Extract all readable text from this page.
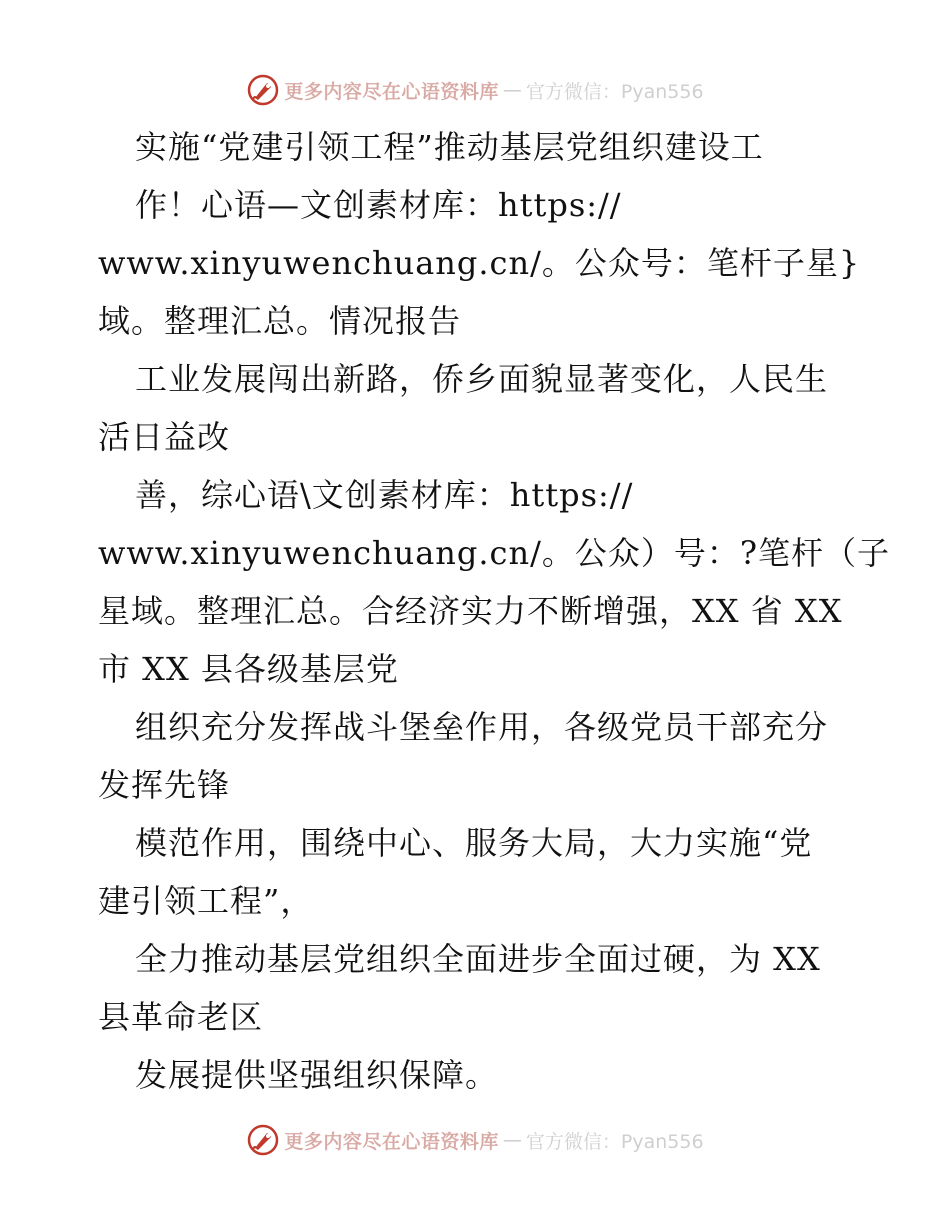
更多内容尽在心语资料库 — 官方微信：Pyan556
实施“党建引领工程”推动基层党组织建设工
作！心语—文创素材库：https://
www.xinyuwenchuang.cn/。公众号：笔杆子星}
域。整理汇总。情况报告
工业发展闯出新路，侨乡面貌显著变化，人民生
活日益改
善，综心语\文创素材库：https://
www.xinyuwenchuang.cn/。公众）号：?笔杆（子
星域。整理汇总。合经济实力不断增强，XX 省 XX
市 XX 县各级基层党
组织充分发挥战斗堡垒作用，各级党员干部充分
发挥先锋
模范作用，围绕中心、服务大局，大力实施“党
建引领工程”，
全力推动基层党组织全面进步全面过硬，为 XX
县革命老区
发展提供坚强组织保障。
更多内容尽在心语资料库 — 官方微信：Pyan556
